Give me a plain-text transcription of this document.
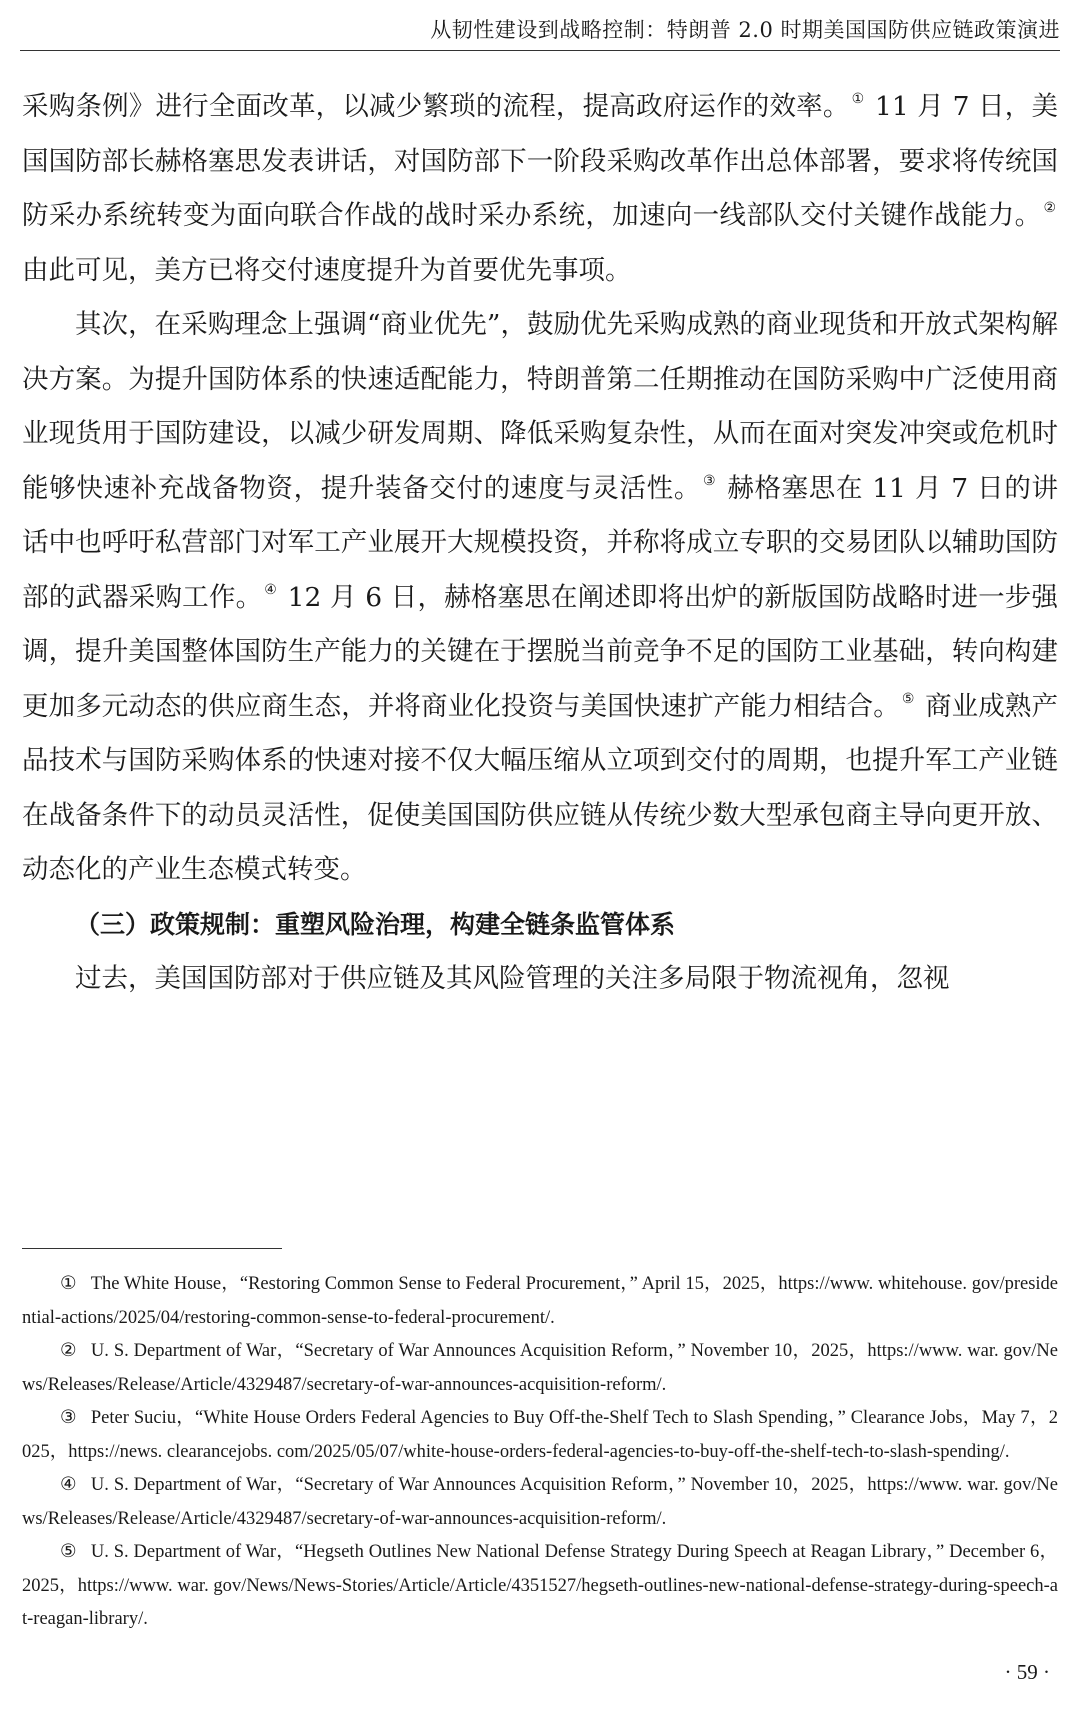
从韧性建设到战略控制：特朗普 2.0 时期美国国防供应链政策演进

采购条例》进行全面改革，以减少繁琐的流程，提高政府运作的效率。 ① 11 月 7 日，美国国防部长赫格塞思发表讲话，对国防部下一阶段采购改革作出总体部署，要求将传统国防采办系统转变为面向联合作战的战时采办系统，加速向一线部队交付关键作战能力。 ② 由此可见，美方已将交付速度提升为首要优先事项。

其次，在采购理念上强调“商业优先”，鼓励优先采购成熟的商业现货和开放式架构解决方案。为提升国防体系的快速适配能力，特朗普第二任期推动在国防采购中广泛使用商业现货用于国防建设，以减少研发周期、降低采购复杂性，从而在面对突发冲突或危机时能够快速补充战备物资，提升装备交付的速度与灵活性。 ③ 赫格塞思在 11 月 7 日的讲话中也呼吁私营部门对军工产业展开大规模投资，并称将成立专职的交易团队以辅助国防部的武器采购工作。 ④ 12 月 6 日，赫格塞思在阐述即将出炉的新版国防战略时进一步强调，提升美国整体国防生产能力的关键在于摆脱当前竞争不足的国防工业基础，转向构建更加多元动态的供应商生态，并将商业化投资与美国快速扩产能力相结合。 ⑤ 商业成熟产品技术与国防采购体系的快速对接不仅大幅压缩从立项到交付的周期，也提升军工产业链在战备条件下的动员灵活性，促使美国国防供应链从传统少数大型承包商主导向更开放、动态化的产业生态模式转变。

（三）政策规制：重塑风险治理，构建全链条监管体系

过去，美国国防部对于供应链及其风险管理的关注多局限于物流视角，忽视

① The White House，“Restoring Common Sense to Federal Procurement，” April 15，2025，https://www. whitehouse. gov/presidential-actions/2025/04/restoring-common-sense-to-federal-procurement/.

② U. S. Department of War，“Secretary of War Announces Acquisition Reform，” November 10，2025，https://www. war. gov/News/Releases/Release/Article/4329487/secretary-of-war-announces-acquisition-reform/.

③ Peter Suciu，“White House Orders Federal Agencies to Buy Off-the-Shelf Tech to Slash Spending，” Clearance Jobs，May 7，2025，https://news. clearancejobs. com/2025/05/07/white-house-orders-federal-agencies-to-buy-off-the-shelf-tech-to-slash-spending/.

④ U. S. Department of War，“Secretary of War Announces Acquisition Reform，” November 10，2025，https://www. war. gov/News/Releases/Release/Article/4329487/secretary-of-war-announces-acquisition-reform/.

⑤ U. S. Department of War，“Hegseth Outlines New National Defense Strategy During Speech at Reagan Library，” December 6，2025，https://www. war. gov/News/News-Stories/Article/Article/4351527/hegseth-outlines-new-national-defense-strategy-during-speech-at-reagan-library/.

· 59 ·
